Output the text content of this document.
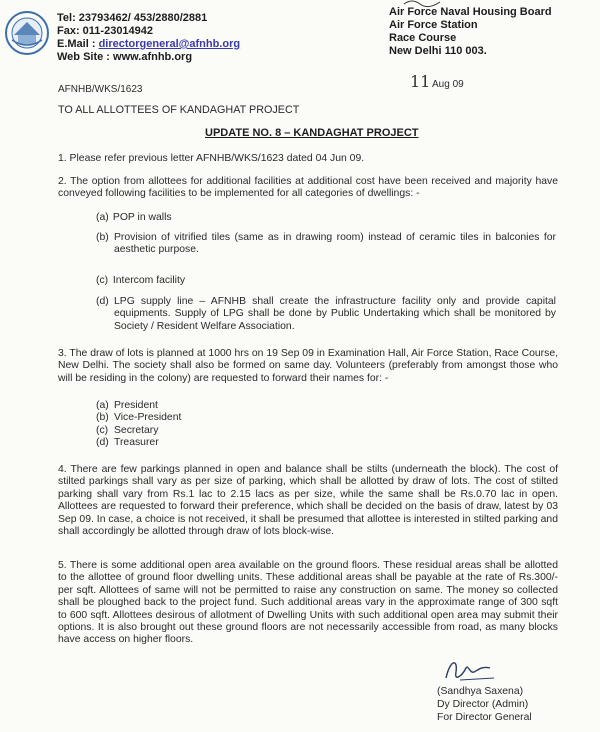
Tel: 23793462/ 453/2880/2881
Fax: 011-23014942
E.Mail : directorgeneral@afnhb.org
Web Site : www.afnhb.org
Air Force Naval Housing Board
Air Force Station
Race Course
New Delhi 110 003.
AFNHB/WKS/1623	11 Aug 09
TO ALL ALLOTTEES OF KANDAGHAT PROJECT
UPDATE NO. 8 – KANDAGHAT PROJECT
1. Please refer previous letter AFNHB/WKS/1623 dated 04 Jun 09.
2. The option from allottees for additional facilities at additional cost have been received and majority have conveyed following facilities to be implemented for all categories of dwellings: -
(a) POP in walls
(b) Provision of vitrified tiles (same as in drawing room) instead of ceramic tiles in balconies for aesthetic purpose.
(c) Intercom facility
(d) LPG supply line – AFNHB shall create the infrastructure facility only and provide capital equipments. Supply of LPG shall be done by Public Undertaking which shall be monitored by Society / Resident Welfare Association.
3. The draw of lots is planned at 1000 hrs on 19 Sep 09 in Examination Hall, Air Force Station, Race Course, New Delhi. The society shall also be formed on same day. Volunteers (preferably from amongst those who will be residing in the colony) are requested to forward their names for: -
(a) President
(b) Vice-President
(c) Secretary
(d) Treasurer
4. There are few parkings planned in open and balance shall be stilts (underneath the block). The cost of stilted parkings shall vary as per size of parking, which shall be allotted by draw of lots. The cost of stilted parking shall vary from Rs.1 lac to 2.15 lacs as per size, while the same shall be Rs.0.70 lac in open. Allottees are requested to forward their preference, which shall be decided on the basis of draw, latest by 03 Sep 09. In case, a choice is not received, it shall be presumed that allottee is interested in stilted parking and shall accordingly be allotted through draw of lots block-wise.
5. There is some additional open area available on the ground floors. These residual areas shall be allotted to the allottee of ground floor dwelling units. These additional areas shall be payable at the rate of Rs.300/- per sqft. Allottees of same will not be permitted to raise any construction on same. The money so collected shall be ploughed back to the project fund. Such additional areas vary in the approximate range of 300 sqft to 600 sqft. Allottees desirous of allotment of Dwelling Units with such additional open area may submit their options. It is also brought out these ground floors are not necessarily accessible from road, as many blocks have access on higher floors.
(Sandhya Saxena)
Dy Director (Admin)
For Director General
